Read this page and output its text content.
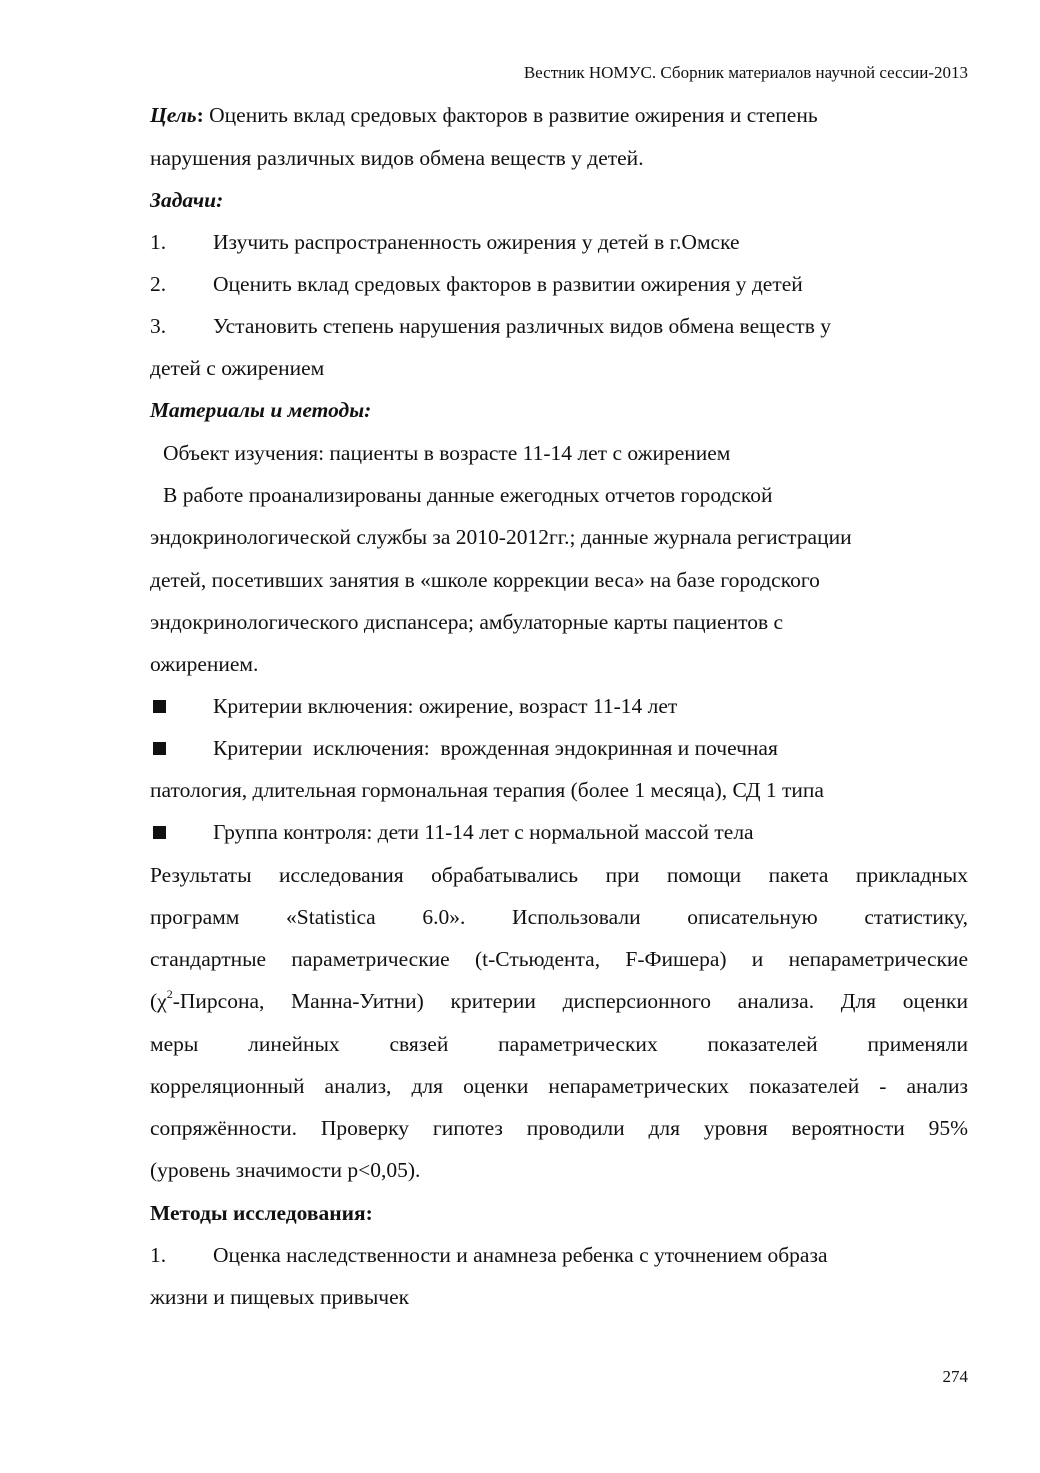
Вестник НОМУС. Сборник материалов научной сессии-2013
Цель: Оценить вклад средовых факторов в развитие ожирения и степень
нарушения различных видов обмена веществ у детей.
Задачи:
1. Изучить распространенность ожирения у детей в г.Омске
2. Оценить вклад средовых факторов в развитии ожирения у детей
3. Установить степень нарушения различных видов обмена веществ у
детей с ожирением
Материалы и методы:
Объект изучения: пациенты в возрасте 11-14 лет с ожирением
В работе проанализированы данные ежегодных отчетов городской
эндокринологической службы за 2010-2012гг.; данные журнала регистрации
детей, посетивших занятия в «школе коррекции веса» на базе городского
эндокринологического диспансера; амбулаторные карты пациентов с
ожирением.
Критерии включения: ожирение, возраст 11-14 лет
Критерии  исключения:  врожденная эндокринная и почечная
патология, длительная гормональная терапия (более 1 месяца), СД 1 типа
Группа контроля: дети 11-14 лет с нормальной массой тела
Результаты исследования обрабатывались при помощи пакета прикладных
программ «Statistica 6.0». Использовали описательную статистику,
стандартные параметрические (t-Стьюдента, F-Фишера) и непараметрические
($\chi^2$-Пирсона, Манна-Уитни) критерии дисперсионного анализа. Для оценки
меры линейных связей параметрических показателей применяли
корреляционный анализ, для оценки непараметрических показателей - анализ
сопряжённости. Проверку гипотез проводили для уровня вероятности 95%
(уровень значимости p<0,05).
Методы исследования:
1. Оценка наследственности и анамнеза ребенка с уточнением образа
жизни и пищевых привычек
274
